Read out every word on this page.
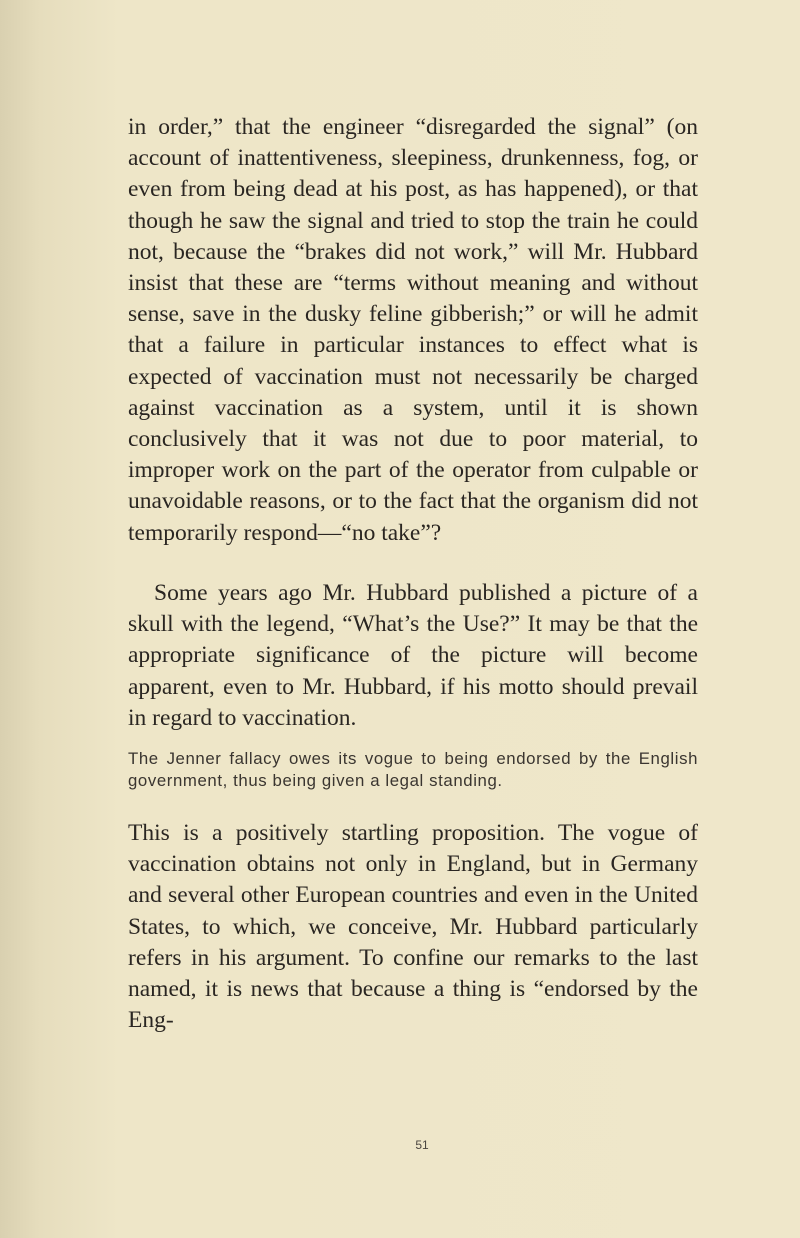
in order,” that the engineer “disregarded the signal” (on account of inattentiveness, sleepiness, drunkenness, fog, or even from being dead at his post, as has happened), or that though he saw the signal and tried to stop the train he could not, because the “brakes did not work,” will Mr. Hubbard insist that these are “terms without meaning and without sense, save in the dusky feline gibberish;” or will he admit that a failure in particular instances to effect what is expected of vaccination must not necessarily be charged against vaccination as a system, until it is shown conclusively that it was not due to poor material, to improper work on the part of the operator from culpable or unavoidable reasons, or to the fact that the organism did not temporarily respond—“no take”?

Some years ago Mr. Hubbard published a picture of a skull with the legend, “What’s the Use?” It may be that the appropriate significance of the picture will become apparent, even to Mr. Hubbard, if his motto should prevail in regard to vaccination.

The Jenner fallacy owes its vogue to being endorsed by the English government, thus being given a legal standing.

This is a positively startling proposition. The vogue of vaccination obtains not only in England, but in Germany and several other European countries and even in the United States, to which, we conceive, Mr. Hubbard particularly refers in his argument. To confine our remarks to the last named, it is news that because a thing is “endorsed by the Eng-

51
